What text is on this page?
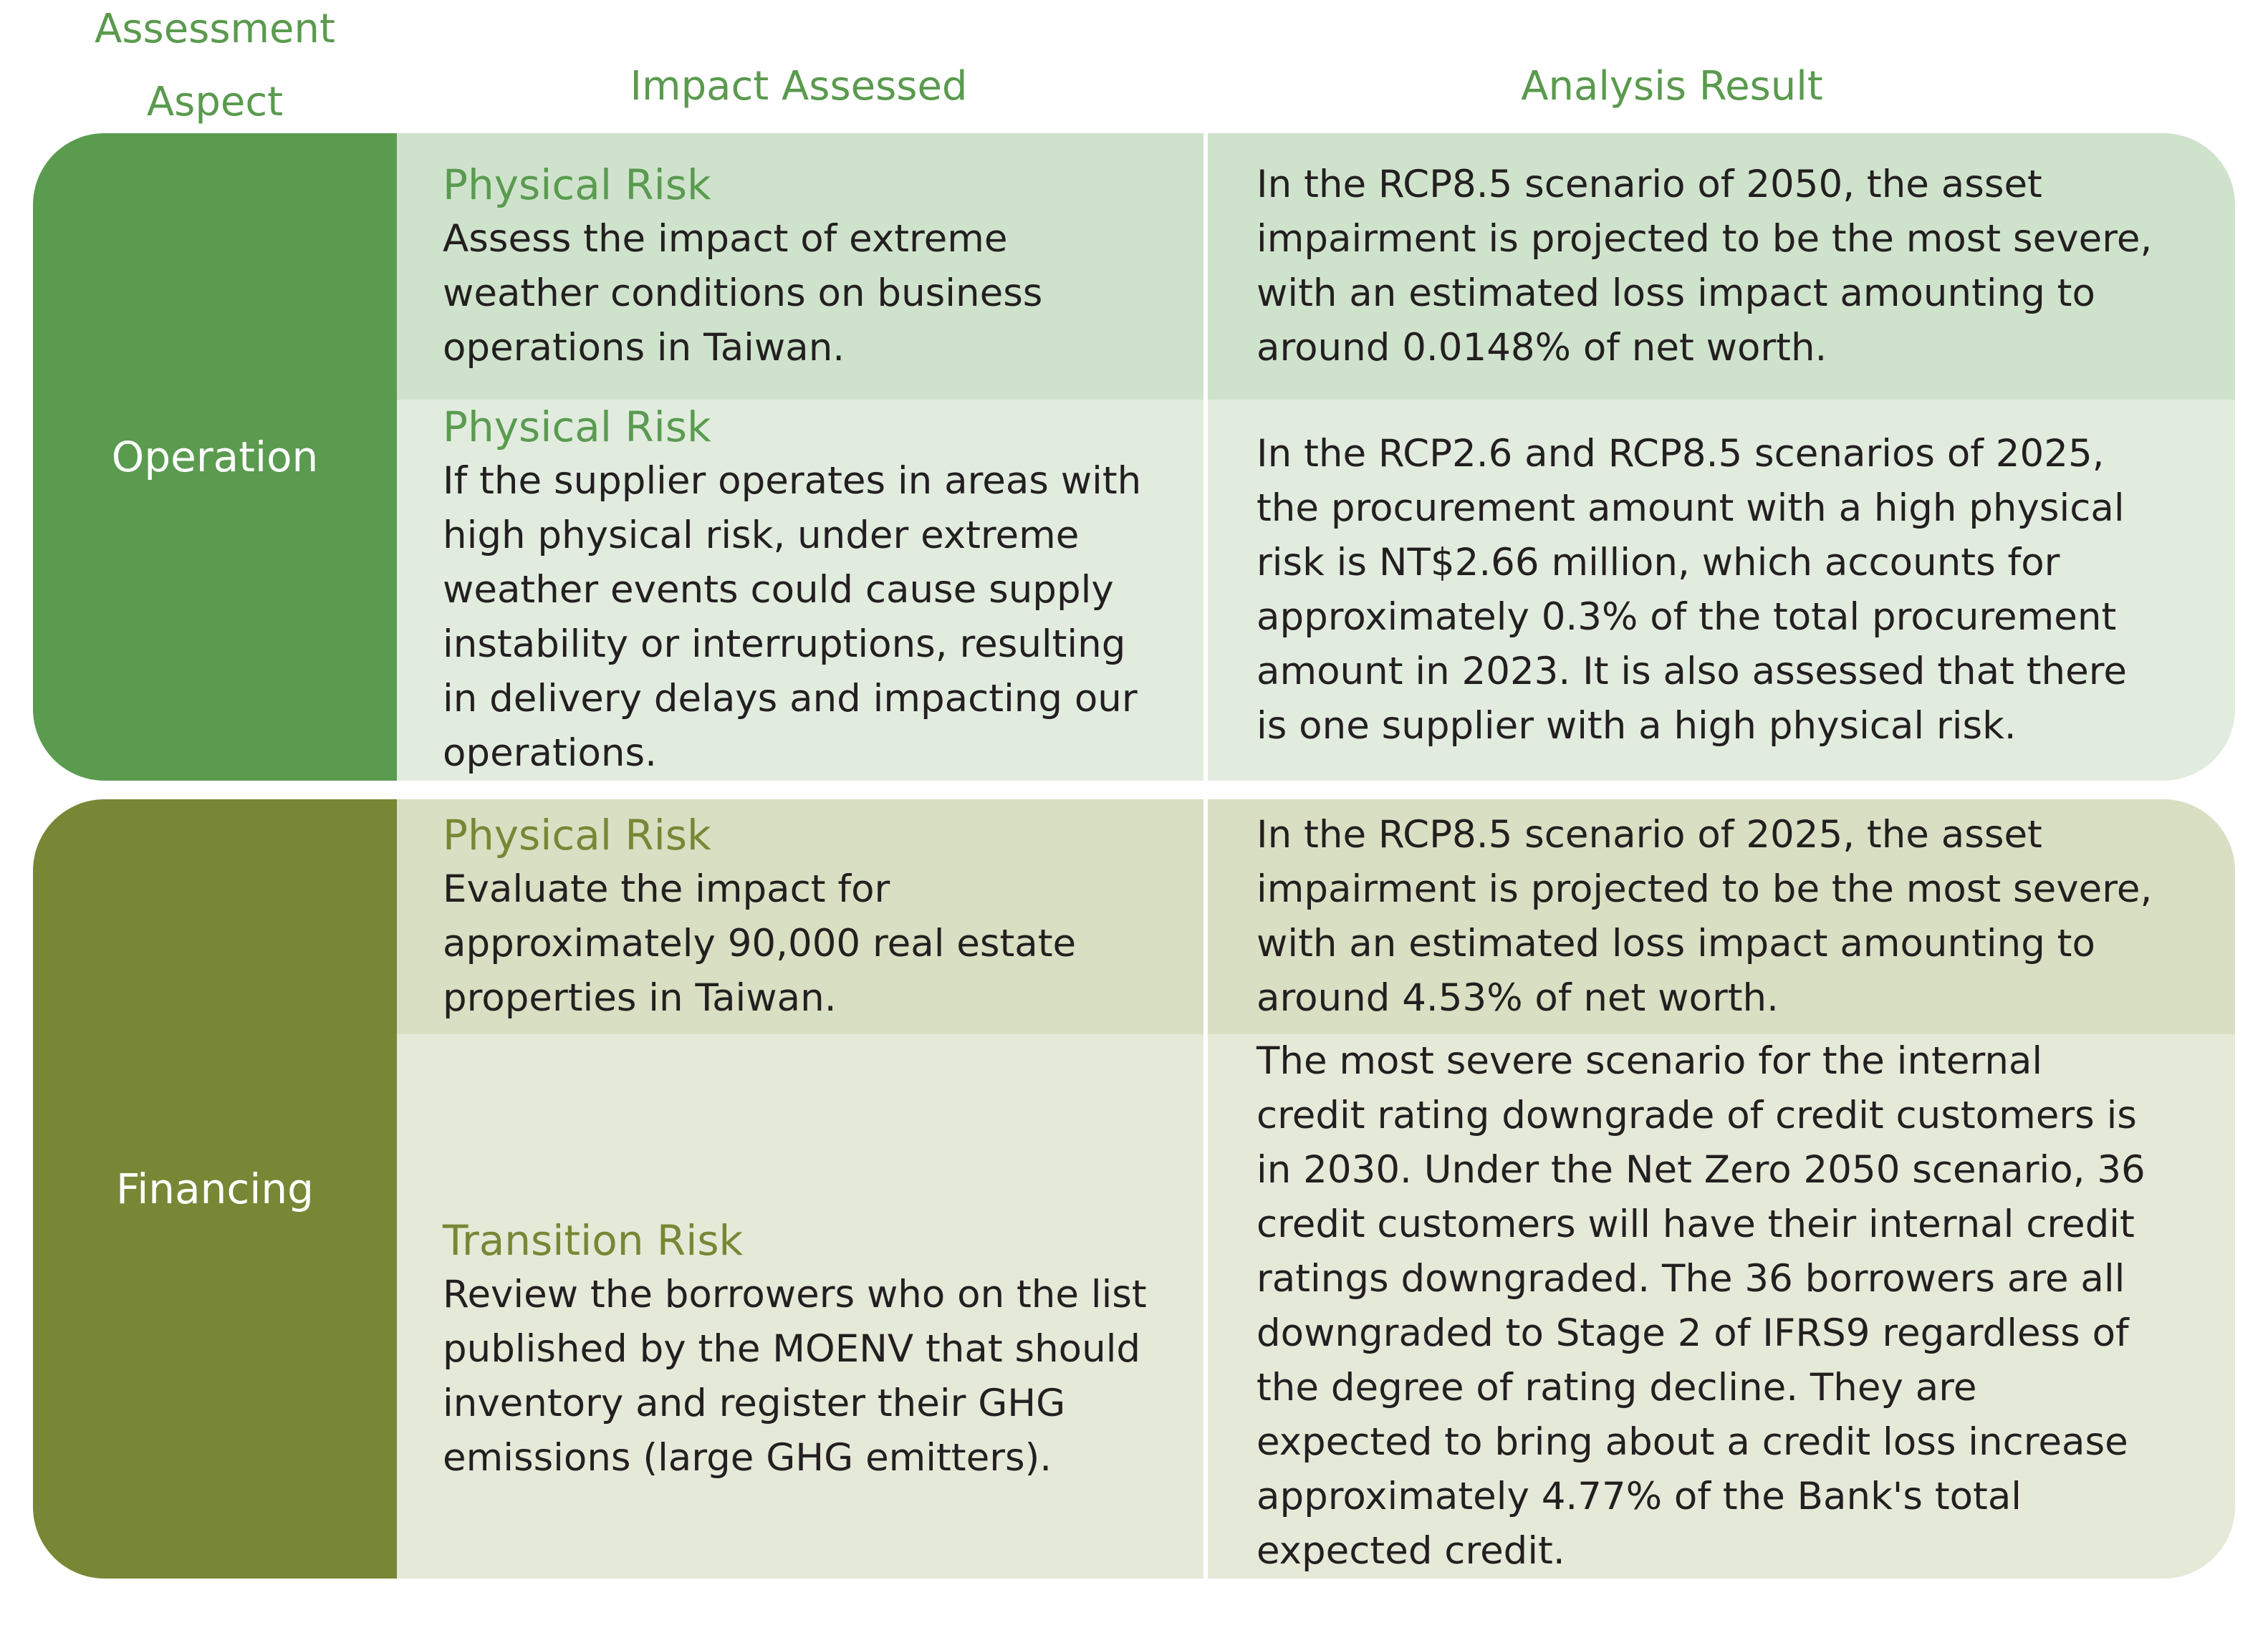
Assessment
Aspect	Impact Assessed	Analysis Result
Operation
Physical Risk
Assess the impact of extreme weather conditions on business operations in Taiwan.
In the RCP8.5 scenario of 2050, the asset impairment is projected to be the most severe, with an estimated loss impact amounting to around 0.0148% of net worth.
Physical Risk
If the supplier operates in areas with high physical risk, under extreme weather events could cause supply instability or interruptions, resulting in delivery delays and impacting our operations.
In the RCP2.6 and RCP8.5 scenarios of 2025, the procurement amount with a high physical risk is NT$2.66 million, which accounts for approximately 0.3% of the total procurement amount in 2023. It is also assessed that there is one supplier with a high physical risk.
Financing
Physical Risk
Evaluate the impact for approximately 90,000 real estate properties in Taiwan.
In the RCP8.5 scenario of 2025, the asset impairment is projected to be the most severe, with an estimated loss impact amounting to around 4.53% of net worth.
Transition Risk
Review the borrowers who on the list published by the MOENV that should inventory and register their GHG emissions (large GHG emitters).
The most severe scenario for the internal credit rating downgrade of credit customers is in 2030. Under the Net Zero 2050 scenario, 36 credit customers will have their internal credit ratings downgraded. The 36 borrowers are all downgraded to Stage 2 of IFRS9 regardless of the degree of rating decline. They are expected to bring about a credit loss increase approximately 4.77% of the Bank's total expected credit.
